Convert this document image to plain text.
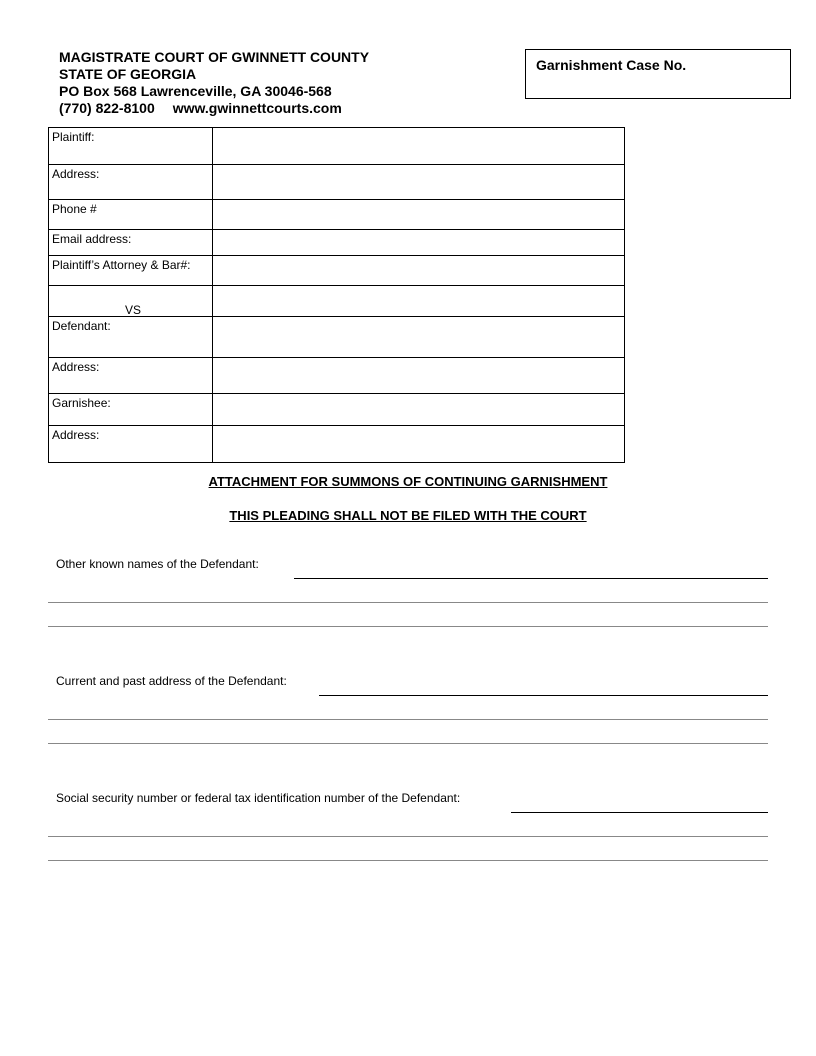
MAGISTRATE COURT OF GWINNETT COUNTY
STATE OF GEORGIA
PO Box 568 Lawrenceville, GA 30046-568
(770) 822-8100 www.gwinnettcourts.com
Garnishment Case No.
Plaintiff:	
Address:	
Phone #	
Email address:	
Plaintiff’s Attorney & Bar#:	

VS	

Defendant:	
Address:	
Garnishee:	
Address:	
ATTACHMENT FOR SUMMONS OF CONTINUING GARNISHMENT
THIS PLEADING SHALL NOT BE FILED WITH THE COURT
Other known names of the Defendant:
Current and past address of the Defendant:
Social security number or federal tax identification number of the Defendant:
